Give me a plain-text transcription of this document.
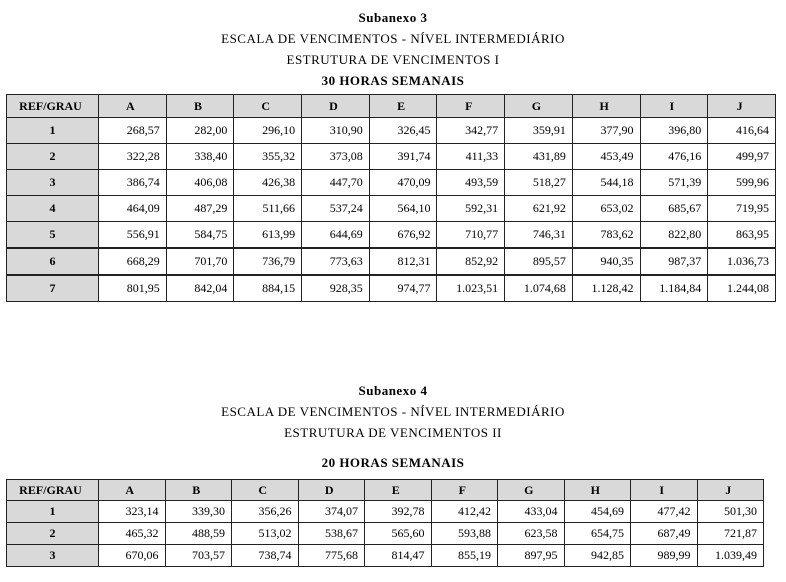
Subanexo 3
ESCALA DE VENCIMENTOS - NÍVEL INTERMEDIÁRIO
ESTRUTURA DE VENCIMENTOS I
30 HORAS SEMANAIS
REF/GRAU	A	B	C	D	E	F	G	H	I	J
1	268,57	282,00	296,10	310,90	326,45	342,77	359,91	377,90	396,80	416,64
2	322,28	338,40	355,32	373,08	391,74	411,33	431,89	453,49	476,16	499,97
3	386,74	406,08	426,38	447,70	470,09	493,59	518,27	544,18	571,39	599,96
4	464,09	487,29	511,66	537,24	564,10	592,31	621,92	653,02	685,67	719,95
5	556,91	584,75	613,99	644,69	676,92	710,77	746,31	783,62	822,80	863,95
6	668,29	701,70	736,79	773,63	812,31	852,92	895,57	940,35	987,37	1.036,73
7	801,95	842,04	884,15	928,35	974,77	1.023,51	1.074,68	1.128,42	1.184,84	1.244,08
Subanexo 4
ESCALA DE VENCIMENTOS - NÍVEL INTERMEDIÁRIO
ESTRUTURA DE VENCIMENTOS II
20 HORAS SEMANAIS
REF/GRAU	A	B	C	D	E	F	G	H	I	J
1	323,14	339,30	356,26	374,07	392,78	412,42	433,04	454,69	477,42	501,30
2	465,32	488,59	513,02	538,67	565,60	593,88	623,58	654,75	687,49	721,87
3	670,06	703,57	738,74	775,68	814,47	855,19	897,95	942,85	989,99	1.039,49
